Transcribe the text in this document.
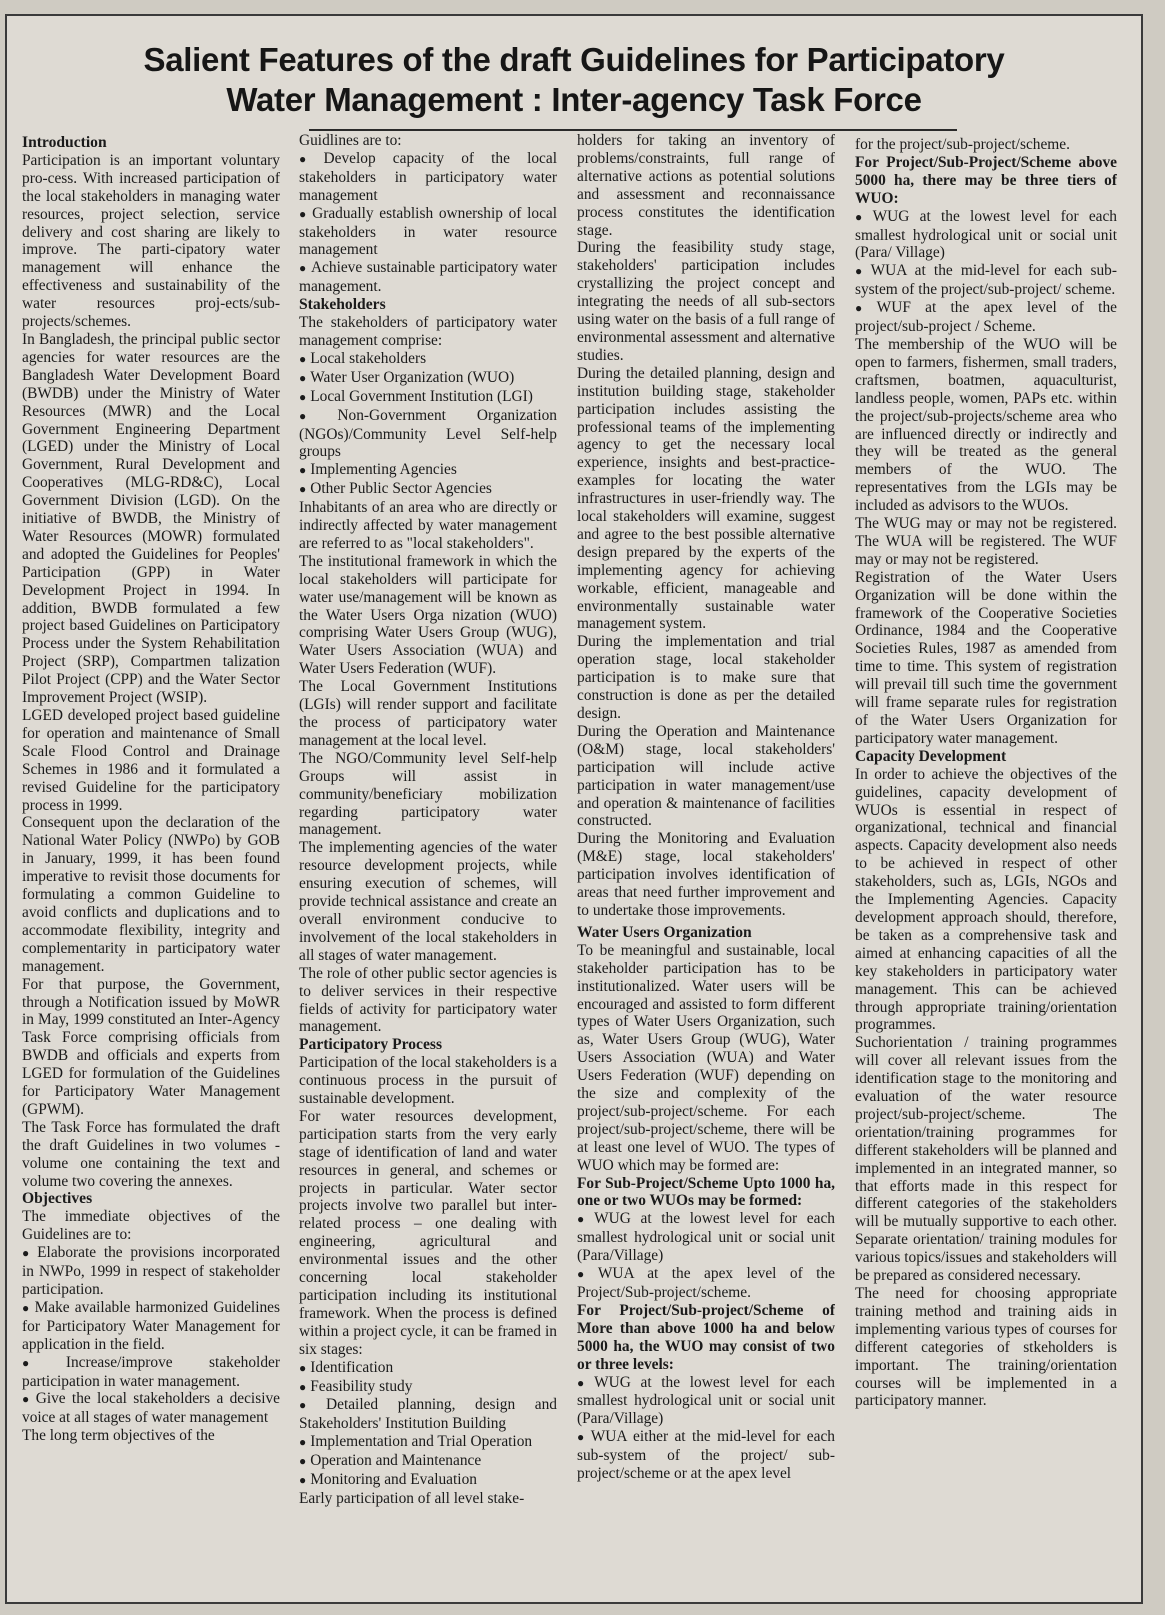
Salient Features of the draft Guidelines for Participatory
Water Management : Inter-agency Task Force
Introduction

Participation is an important voluntary pro-cess. With increased participation of the local stakeholders in managing water resources, project selection, service delivery and cost sharing are likely to improve. The parti-cipatory water management will enhance the effectiveness and sustainability of the water resources proj-ects/sub-projects/schemes.

In Bangladesh, the principal public sector agencies for water resources are the Bangladesh Water Development Board (BWDB) under the Ministry of Water Resources (MWR) and the Local Government Engineering Department (LGED) under the Ministry of Local Government, Rural Development and Cooperatives (MLG-RD&C), Local Government Division (LGD). On the initiative of BWDB, the Ministry of Water Resources (MOWR) formulated and adopted the Guidelines for Peoples' Participation (GPP) in Water Development Project in 1994. In addition, BWDB formulated a few project based Guidelines on Participatory Process under the System Rehabilitation Project (SRP), Compartmen talization Pilot Project (CPP) and the Water Sector Improvement Project (WSIP).

LGED developed project based guideline for operation and maintenance of Small Scale Flood Control and Drainage Schemes in 1986 and it formulated a revised Guideline for the participatory process in 1999.

Consequent upon the declaration of the National Water Policy (NWPo) by GOB in January, 1999, it has been found imperative to revisit those documents for formulating a common Guideline to avoid conflicts and duplications and to accommodate flexibility, integrity and complementarity in participatory water management.

For that purpose, the Government, through a Notification issued by MoWR in May, 1999 constituted an Inter-Agency Task Force comprising officials from BWDB and officials and experts from LGED for formulation of the Guidelines for Participatory Water Management (GPWM).

The Task Force has formulated the draft the draft Guidelines in two volumes - volume one containing the text and volume two covering the annexes.

Objectives

The immediate objectives of the Guidelines are to:

● Elaborate the provisions incorporated in NWPo, 1999 in respect of stakeholder participation.
● Make available harmonized Guidelines for Participatory Water Management for application in the field.
● Increase/improve stakeholder participation in water management.
● Give the local stakeholders a decisive voice at all stages of water management

The long term objectives of the

Guidlines are to:

● Develop capacity of the local stakeholders in participatory water management
● Gradually establish ownership of local stakeholders in water resource management
● Achieve sustainable participatory water management.
Stakeholders

The stakeholders of participatory water management comprise:

● Local stakeholders
● Water User Organization (WUO)
● Local Government Institution (LGI)
● Non-Government Organization (NGOs)/Community Level Self-help groups
● Implementing Agencies
● Other Public Sector Agencies

Inhabitants of an area who are directly or indirectly affected by water management are referred to as "local stakeholders".

The institutional framework in which the local stakeholders will participate for water use/management will be known as the Water Users Orga nization (WUO) comprising Water Users Group (WUG), Water Users Association (WUA) and Water Users Federation (WUF).

The Local Government Institutions (LGIs) will render support and facilitate the process of participatory water management at the local level.

The NGO/Community level Self-help Groups will assist in community/beneficiary mobilization regarding participatory water management.

The implementing agencies of the water resource development projects, while ensuring execution of schemes, will provide technical assistance and create an overall environment conducive to involvement of the local stakeholders in all stages of water management.

The role of other public sector agencies is to deliver services in their respective fields of activity for participatory water management.

Participatory Process

Participation of the local stakeholders is a continuous process in the pursuit of sustainable development.

For water resources development, participation starts from the very early stage of identification of land and water resources in general, and schemes or projects in particular. Water sector projects involve two parallel but inter-related process – one dealing with engineering, agricultural and environmental issues and the other concerning local stakeholder participation including its institutional framework. When the process is defined within a project cycle, it can be framed in six stages:

● Identification
● Feasibility study
● Detailed planning, design and Stakeholders' Institution Building
● Implementation and Trial Operation
● Operation and Maintenance
● Monitoring and Evaluation

Early participation of all level stake-

holders for taking an inventory of problems/constraints, full range of alternative actions as potential solutions and assessment and reconnaissance process constitutes the identification stage.

During the feasibility study stage, stakeholders' participation includes crystallizing the project concept and integrating the needs of all sub-sectors using water on the basis of a full range of environmental assessment and alternative studies.

During the detailed planning, design and institution building stage, stakeholder participation includes assisting the professional teams of the implementing agency to get the necessary local experience, insights and best-practice-examples for locating the water infrastructures in user-friendly way. The local stakeholders will examine, suggest and agree to the best possible alternative design prepared by the experts of the implementing agency for achieving workable, efficient, manageable and environmentally sustainable water management system.

During the implementation and trial operation stage, local stakeholder participation is to make sure that construction is done as per the detailed design.

During the Operation and Maintenance (O&M) stage, local stakeholders' participation will include active participation in water management/use and operation & maintenance of facilities constructed.

During the Monitoring and Evaluation (M&E) stage, local stakeholders' participation involves identification of areas that need further improvement and to undertake those improvements.

Water Users Organization

To be meaningful and sustainable, local stakeholder participation has to be institutionalized. Water users will be encouraged and assisted to form different types of Water Users Organization, such as, Water Users Group (WUG), Water Users Association (WUA) and Water Users Federation (WUF) depending on the size and complexity of the project/sub-project/scheme. For each project/sub-project/scheme, there will be at least one level of WUO. The types of WUO which may be formed are:

For Sub-Project/Scheme Upto 1000 ha, one or two WUOs may be formed:

● WUG at the lowest level for each smallest hydrological unit or social unit (Para/Village)
● WUA at the apex level of the Project/Sub-project/scheme.

For Project/Sub-project/Scheme of More than above 1000 ha and below 5000 ha, the WUO may consist of two or three levels:

● WUG at the lowest level for each smallest hydrological unit or social unit (Para/Village)
● WUA either at the mid-level for each sub-system of the project/ sub-project/scheme or at the apex level

for the project/sub-project/scheme.

For Project/Sub-Project/Scheme above 5000 ha, there may be three tiers of WUO:

● WUG at the lowest level for each smallest hydrological unit or social unit (Para/ Village)
● WUA at the mid-level for each sub-system of the project/sub-project/ scheme.
● WUF at the apex level of the project/sub-project / Scheme.

The membership of the WUO will be open to farmers, fishermen, small traders, craftsmen, boatmen, aquaculturist, landless people, women, PAPs etc. within the project/sub-projects/scheme area who are influenced directly or indirectly and they will be treated as the general members of the WUO. The representatives from the LGIs may be included as advisors to the WUOs.

The WUG may or may not be registered. The WUA will be registered. The WUF may or may not be registered.

Registration of the Water Users Organization will be done within the framework of the Cooperative Societies Ordinance, 1984 and the Cooperative Societies Rules, 1987 as amended from time to time. This system of registration will prevail till such time the government will frame separate rules for registration of the Water Users Organization for participatory water management.

Capacity Development

In order to achieve the objectives of the guidelines, capacity development of WUOs is essential in respect of organizational, technical and financial aspects. Capacity development also needs to be achieved in respect of other stakeholders, such as, LGIs, NGOs and the Implementing Agencies. Capacity development approach should, therefore, be taken as a comprehensive task and aimed at enhancing capacities of all the key stakeholders in participatory water management. This can be achieved through appropriate training/orientation programmes.

Suchorientation / training programmes will cover all relevant issues from the identification stage to the monitoring and evaluation of the water resource project/sub-project/scheme. The orientation/training programmes for different stakeholders will be planned and implemented in an integrated manner, so that efforts made in this respect for different categories of the stakeholders will be mutually supportive to each other. Separate orientation/ training modules for various topics/issues and stakeholders will be prepared as considered necessary.

The need for choosing appropriate training method and training aids in implementing various types of courses for different categories of stkeholders is important. The training/orientation courses will be implemented in a participatory manner.
